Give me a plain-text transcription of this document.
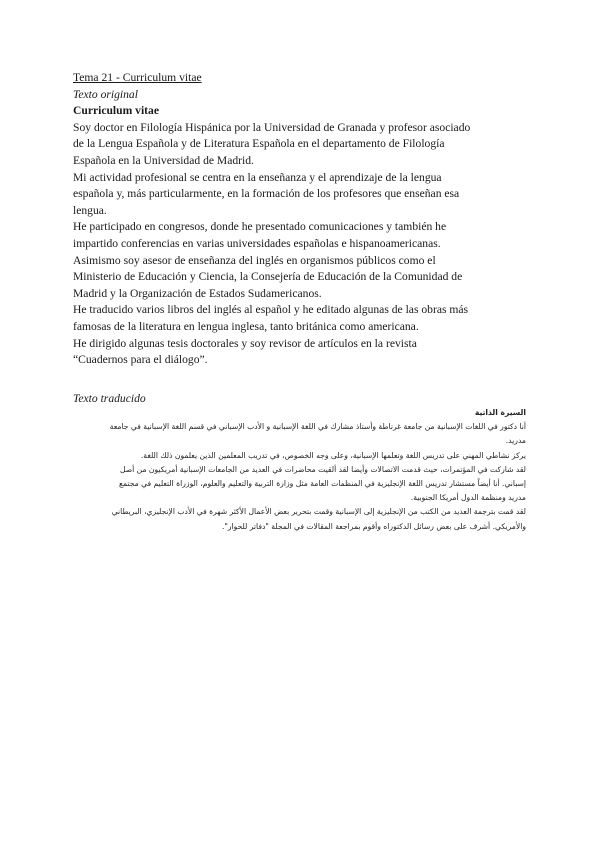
Tema 21 - Curriculum vitae

Texto original

Curriculum vitae

Soy doctor en Filología Hispánica por la Universidad de Granada y profesor asociado de la Lengua Española y de Literatura Española en el departamento de Filología Española en la Universidad de Madrid.

Mi actividad profesional se centra en la enseñanza y el aprendizaje de la lengua española y, más particularmente, en la formación de los profesores que enseñan esa lengua.

He participado en congresos, donde he presentado comunicaciones y también he impartido conferencias en varias universidades españolas e hispanoamericanas. Asimismo soy asesor de enseñanza del inglés en organismos públicos como el Ministerio de Educación y Ciencia, la Consejería de Educación de la Comunidad de Madrid y la Organización de Estados Sudamericanos.

He traducido varios libros del inglés al español y he editado algunas de las obras más famosas de la literatura en lengua inglesa, tanto británica como americana.

He dirigido algunas tesis doctorales y soy revisor de artículos en la revista “Cuadernos para el diálogo”.

Texto traducido

السيرة الذاتية

أنا دكتور في اللغات الإسبانية من جامعة غرناطة وأستاذ مشارك في اللغة الإسبانية و الأدب الإسباني في قسم اللغة الإسبانية في جامعة مدريد.

يركز نشاطي المهني على تدريس اللغة وتعلمها الإسبانية، وعلى وجه الخصوص، في تدريب المعلمين الذين يعلمون ذلك اللغة.

لقد شاركت في المؤتمرات، حيث قدمت الاتصالات وأيضا لقد ألقيت محاضرات في العديد من الجامعات الإسبانية أمريكيون من أصل إسباني. أنا أيضاً مستشار تدريس اللغة الإنجليزية في المنظمات العامة مثل وزارة التربية والتعليم والعلوم، الوزراة التعليم في مجتمع مدريد ومنظمة الدول أمريكا الجنوبية.

لقد قمت بترجمة العديد من الكتب من الإنجليزية إلى الإسبانية وقمت بتحرير بعض الأعمال الأكثر شهرة في الأدب الإنجليزي، البريطاني والأمريكي. أشرف على بعض رسائل الدكتوراه وأقوم بمراجعة المقالات في المجلة "دفاتر للحوار".
